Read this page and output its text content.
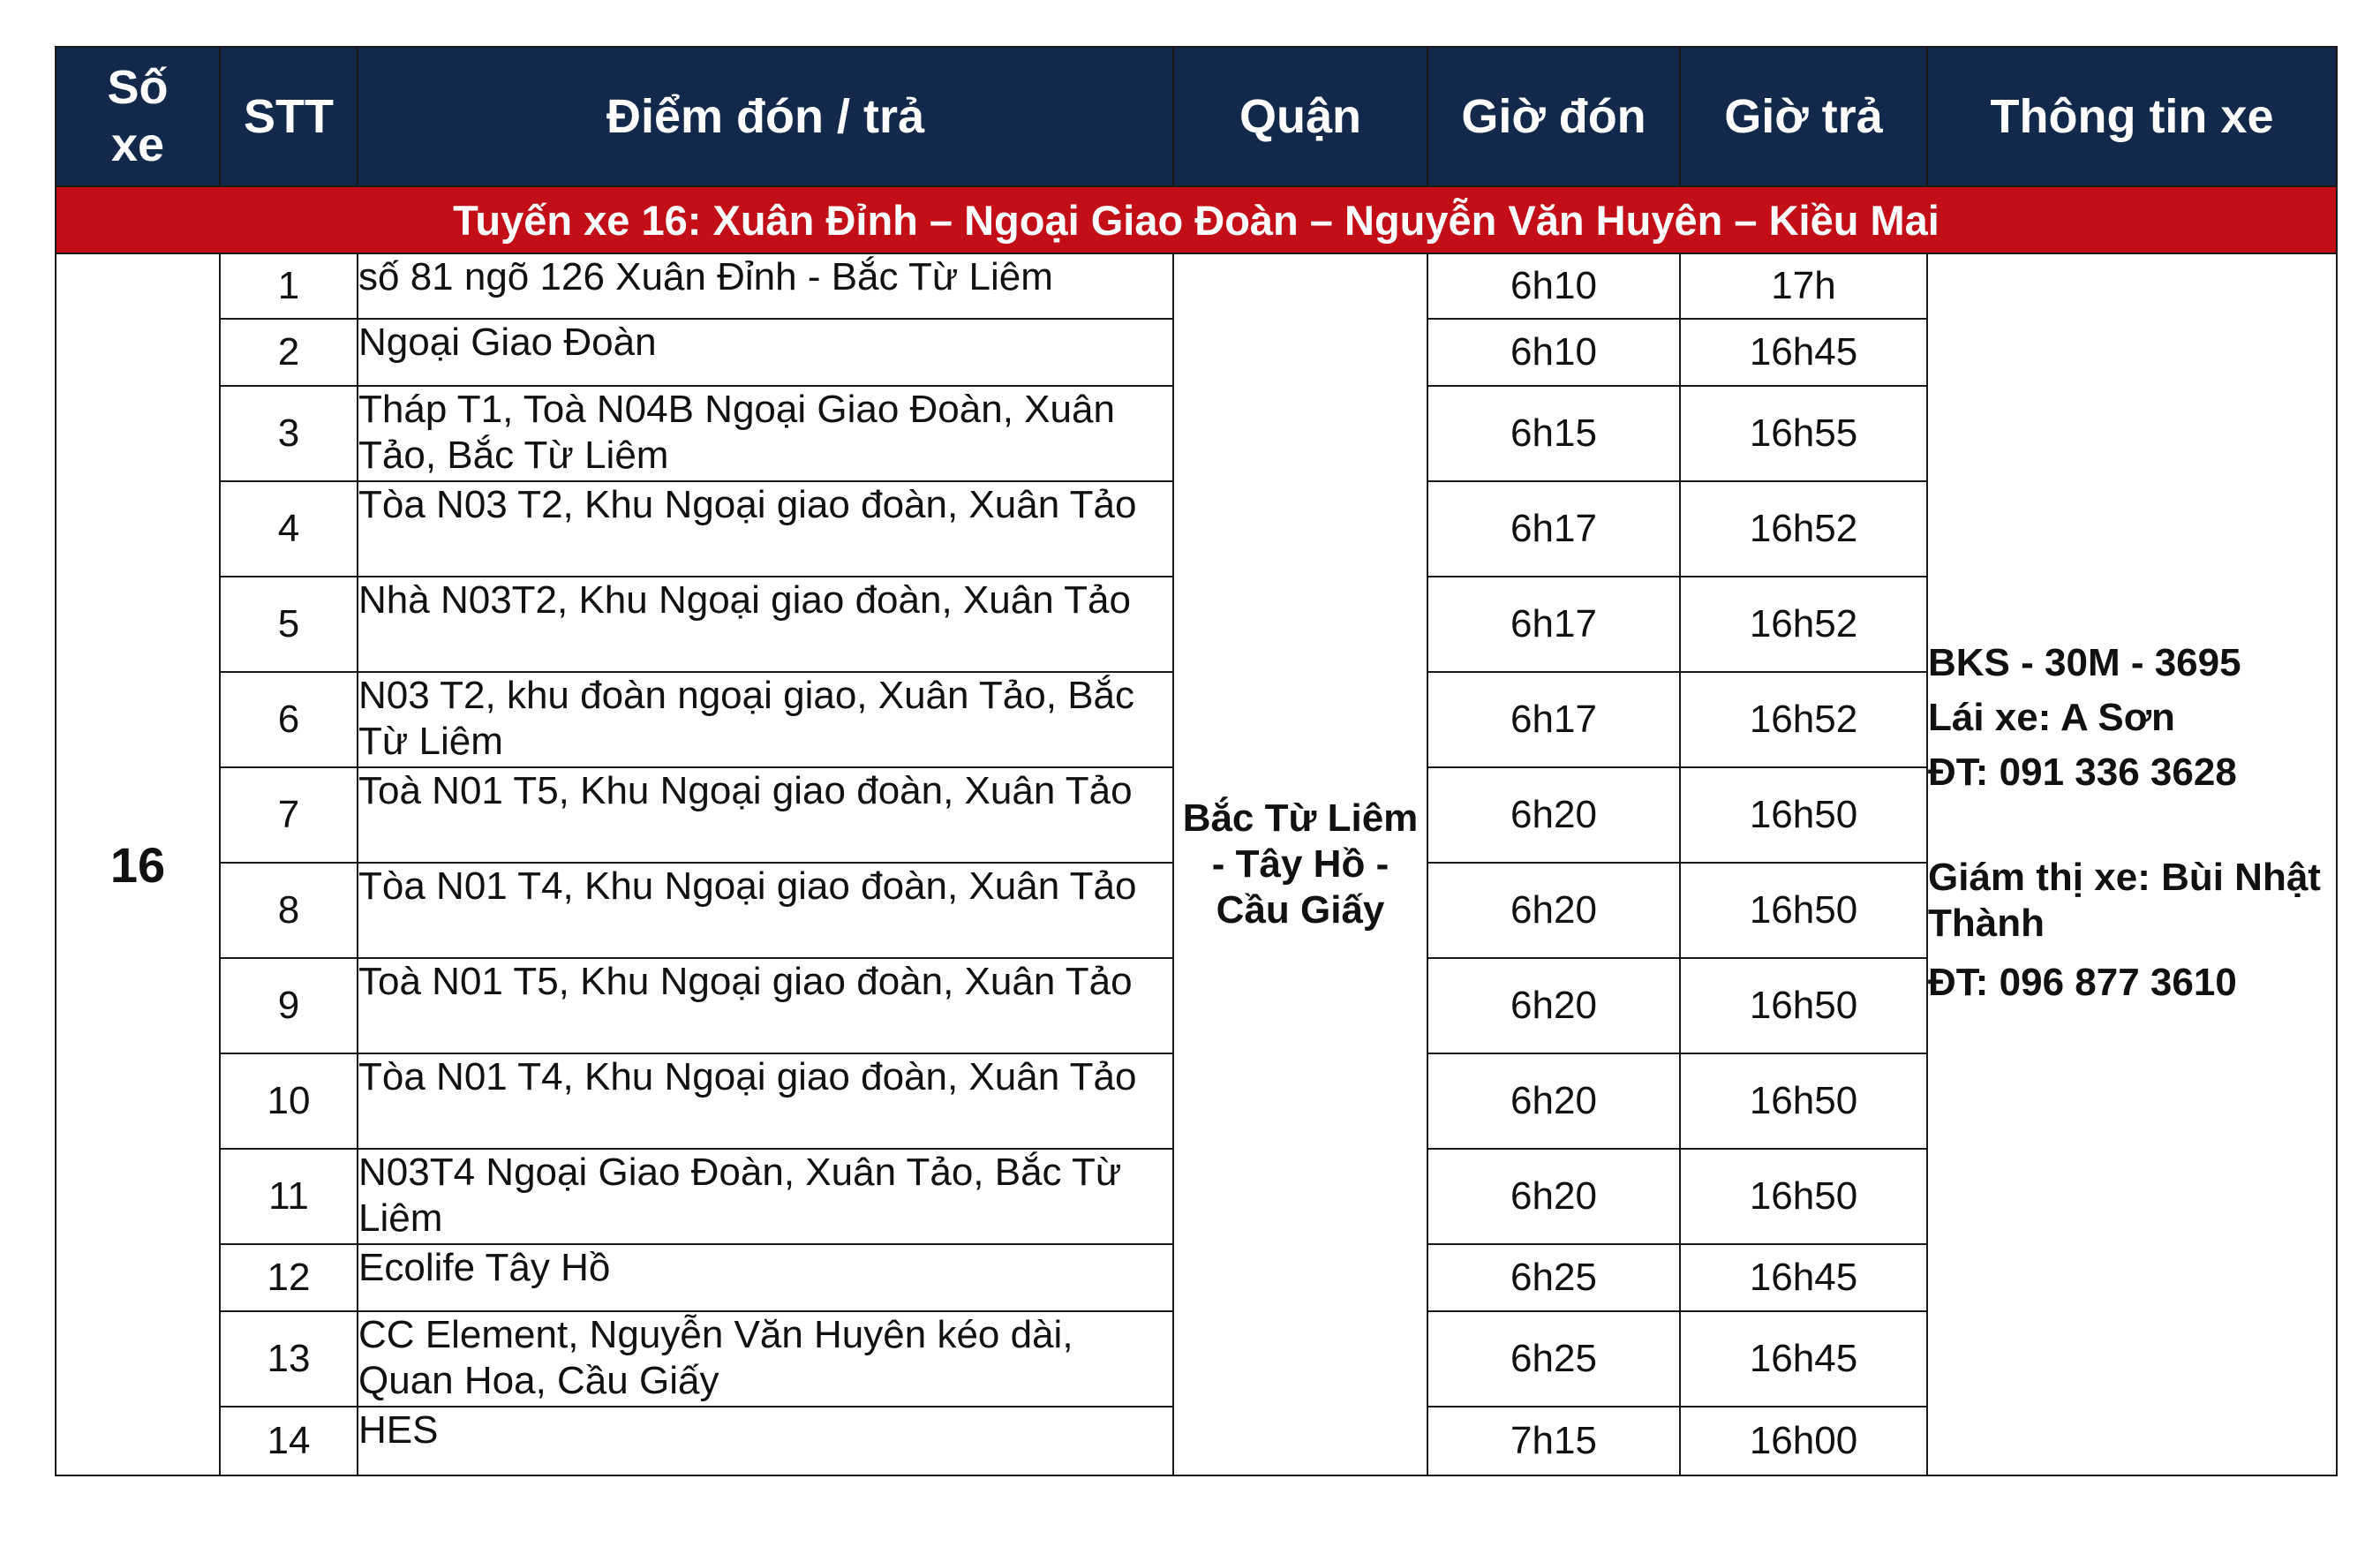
Số xe	STT	Điểm đón / trả	Quận	Giờ đón	Giờ trả	Thông tin xe
Tuyến xe 16: Xuân Đỉnh – Ngoại Giao Đoàn – Nguyễn Văn Huyên – Kiều Mai						
16	1	số 81 ngõ 126 Xuân Đỉnh - Bắc Từ Liêm	Bắc Từ Liêm - Tây Hồ - Cầu Giấy	6h10	17h	BKS - 30M - 3695
Lái xe: A Sơn
ĐT: 091 336 3628
Giám thị xe: Bùi Nhật Thành
ĐT: 096 877 3610

	2	Ngoại Giao Đoàn		6h10	16h45	
	3	Tháp T1, Toà N04B Ngoại Giao Đoàn, Xuân Tảo, Bắc Từ Liêm		6h15	16h55	
	4	Tòa N03 T2, Khu Ngoại giao đoàn, Xuân Tảo		6h17	16h52	
	5	Nhà N03T2, Khu Ngoại giao đoàn, Xuân Tảo		6h17	16h52	
	6	N03 T2, khu đoàn ngoại giao, Xuân Tảo, Bắc Từ Liêm		6h17	16h52	
	7	Toà N01 T5, Khu Ngoại giao đoàn, Xuân Tảo		6h20	16h50	
	8	Tòa N01 T4, Khu Ngoại giao đoàn, Xuân Tảo		6h20	16h50	
	9	Toà N01 T5, Khu Ngoại giao đoàn, Xuân Tảo		6h20	16h50	
	10	Tòa N01 T4, Khu Ngoại giao đoàn, Xuân Tảo		6h20	16h50	
	11	N03T4 Ngoại Giao Đoàn, Xuân Tảo, Bắc Từ Liêm		6h20	16h50	
	12	Ecolife Tây Hồ		6h25	16h45	
	13	CC Element, Nguyễn Văn Huyên kéo dài, Quan Hoa, Cầu Giấy		6h25	16h45	
	14	HES		7h15	16h00	
